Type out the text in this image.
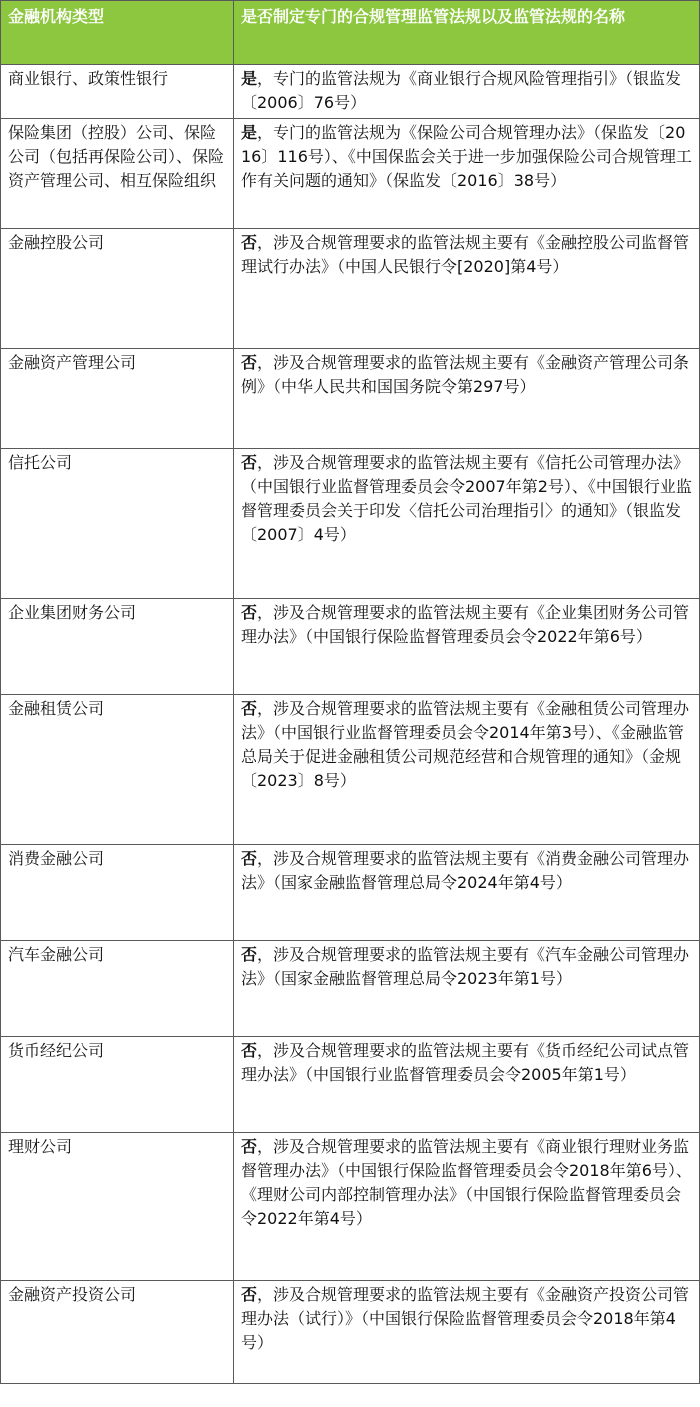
金融机构类型	是否制定专门的合规管理监管法规以及监管法规的名称
商业银行、政策性银行	是，专门的监管法规为《商业银行合规风险管理指引》（银监发〔2006〕76号）
保险集团（控股）公司、保险公司（包括再保险公司）、保险资产管理公司、相互保险组织	是，专门的监管法规为《保险公司合规管理办法》（保监发〔2016〕116号）、《中国保监会关于进一步加强保险公司合规管理工作有关问题的通知》（保监发〔2016〕38号）
金融控股公司	否，涉及合规管理要求的监管法规主要有《金融控股公司监督管理试行办法》（中国人民银行令[2020]第4号）
金融资产管理公司	否，涉及合规管理要求的监管法规主要有《金融资产管理公司条例》（中华人民共和国国务院令第297号）
信托公司	否，涉及合规管理要求的监管法规主要有《信托公司管理办法》（中国银行业监督管理委员会令2007年第2号）、《中国银行业监督管理委员会关于印发〈信托公司治理指引〉的通知》（银监发〔2007〕4号）
企业集团财务公司	否，涉及合规管理要求的监管法规主要有《企业集团财务公司管理办法》（中国银行保险监督管理委员会令2022年第6号）
金融租赁公司	否，涉及合规管理要求的监管法规主要有《金融租赁公司管理办法》（中国银行业监督管理委员会令2014年第3号）、《金融监管总局关于促进金融租赁公司规范经营和合规管理的通知》（金规〔2023〕8号）
消费金融公司	否，涉及合规管理要求的监管法规主要有《消费金融公司管理办法》（国家金融监督管理总局令2024年第4号）
汽车金融公司	否，涉及合规管理要求的监管法规主要有《汽车金融公司管理办法》（国家金融监督管理总局令2023年第1号）
货币经纪公司	否，涉及合规管理要求的监管法规主要有《货币经纪公司试点管理办法》（中国银行业监督管理委员会令2005年第1号）
理财公司	否，涉及合规管理要求的监管法规主要有《商业银行理财业务监督管理办法》（中国银行保险监督管理委员会令2018年第6号）、《理财公司内部控制管理办法》（中国银行保险监督管理委员会令2022年第4号）
金融资产投资公司	否，涉及合规管理要求的监管法规主要有《金融资产投资公司管理办法（试行）》（中国银行保险监督管理委员会令2018年第4号）
